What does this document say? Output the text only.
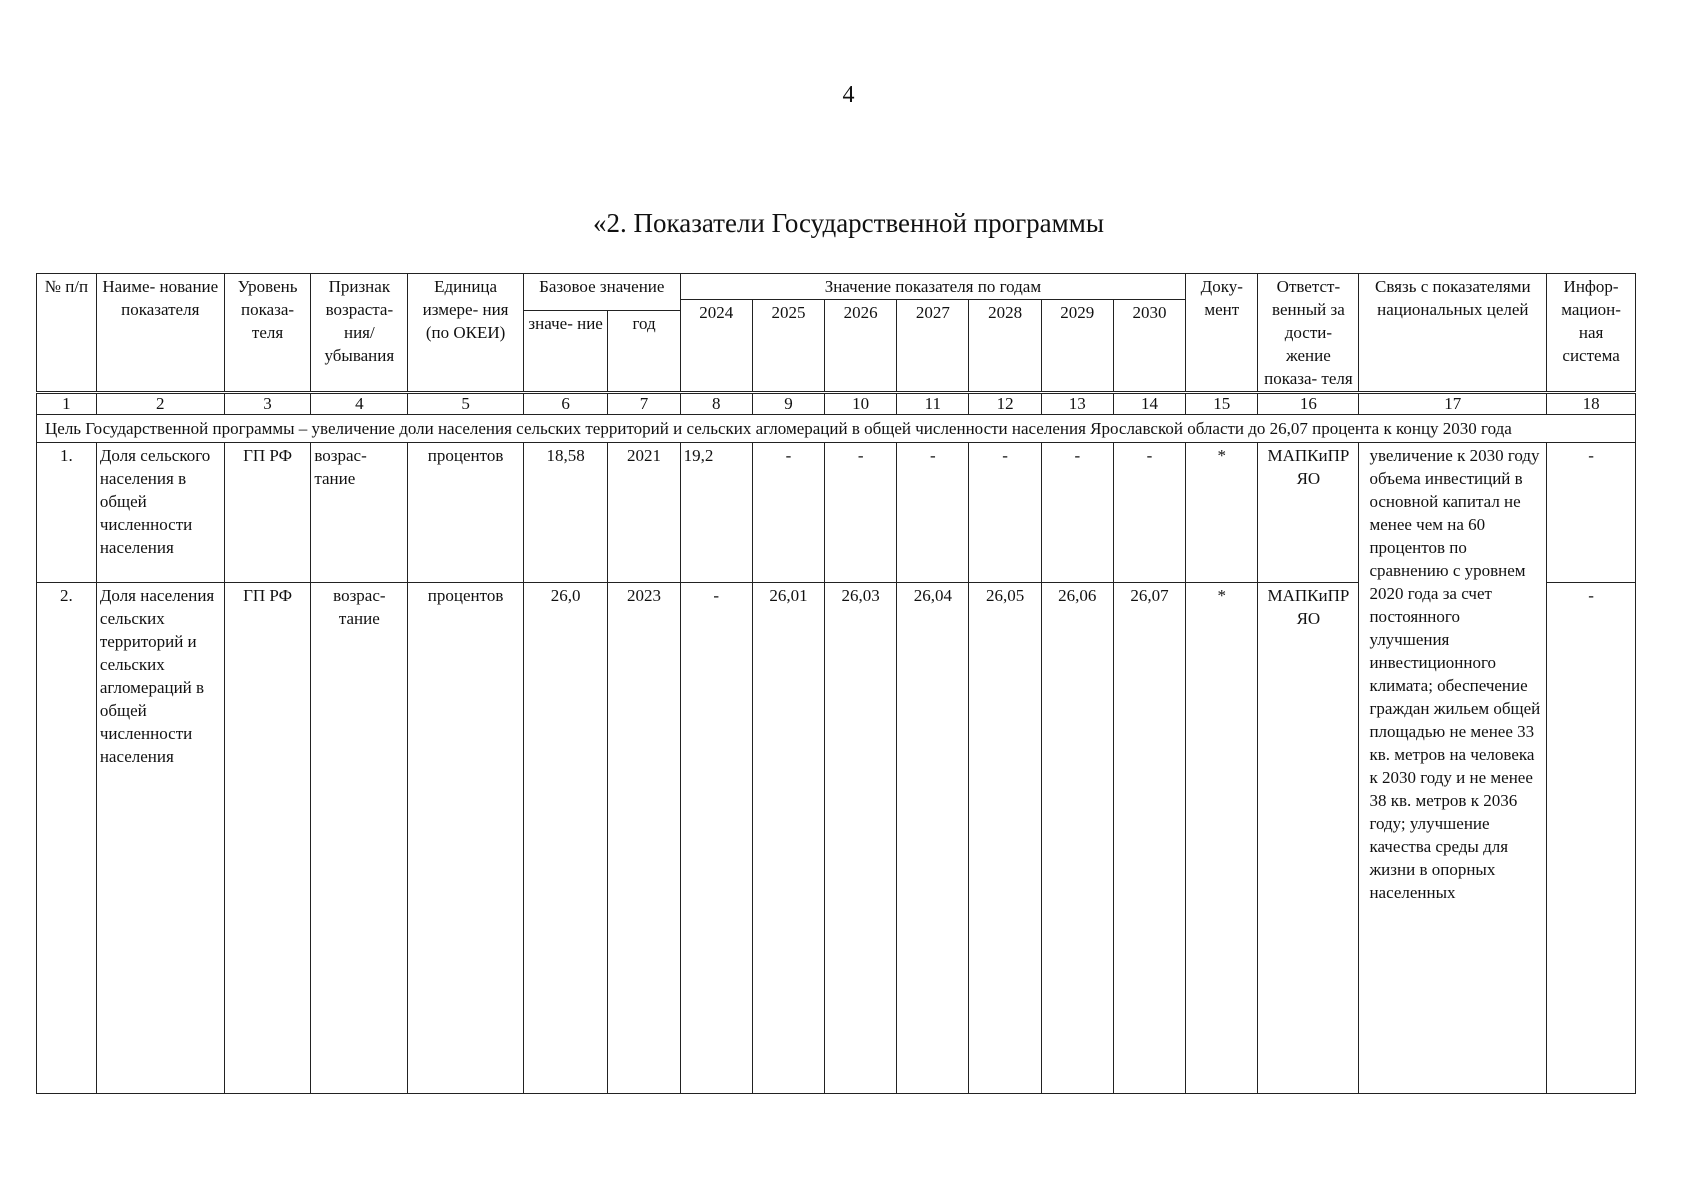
4
«2. Показатели Государственной программы
№ п/п	Наиме- нование показателя	Уровень показа- теля	Признак возраста- ния/ убывания	Единица измере- ния (по ОКЕИ)	Базовое значение		Значение показателя по годам							Доку- мент	Ответст- венный за дости- жение показа- теля	Связь с показателями национальных целей	Инфор- мацион- ная система
							2024	2025	2026	2027	2028	2029	2030				
					значе- ние	год											
1	2	3	4	5	6	7	8	9	10	11	12	13	14	15	16	17	18
Цель Государственной программы – увеличение доли населения сельских территорий и сельских агломераций в общей численности населения Ярославской области до 26,07 процента к концу 2030 года																	
1.	Доля сельского населения в общей численности населения	ГП РФ	возрас- тание	процентов	18,58	2021	19,2	-	-	-	-	-	-	*	МАПКиПР ЯО	увеличение к 2030 году объема инвестиций в основной капитал не менее чем на 60 процентов по сравнению с уровнем 2020 года за счет постоянного улучшения инвестиционного климата; обеспечение граждан жильем общей площадью не менее 33 кв. метров на человека к 2030 году и не менее 38 кв. метров к 2036 году; улучшение качества среды для жизни в опорных населенных	-
2.	Доля населения сельских территорий и сельских агломераций в общей численности населения	ГП РФ	возрас- тание	процентов	26,0	2023	-	26,01	26,03	26,04	26,05	26,06	26,07	*	МАПКиПР ЯО		-
